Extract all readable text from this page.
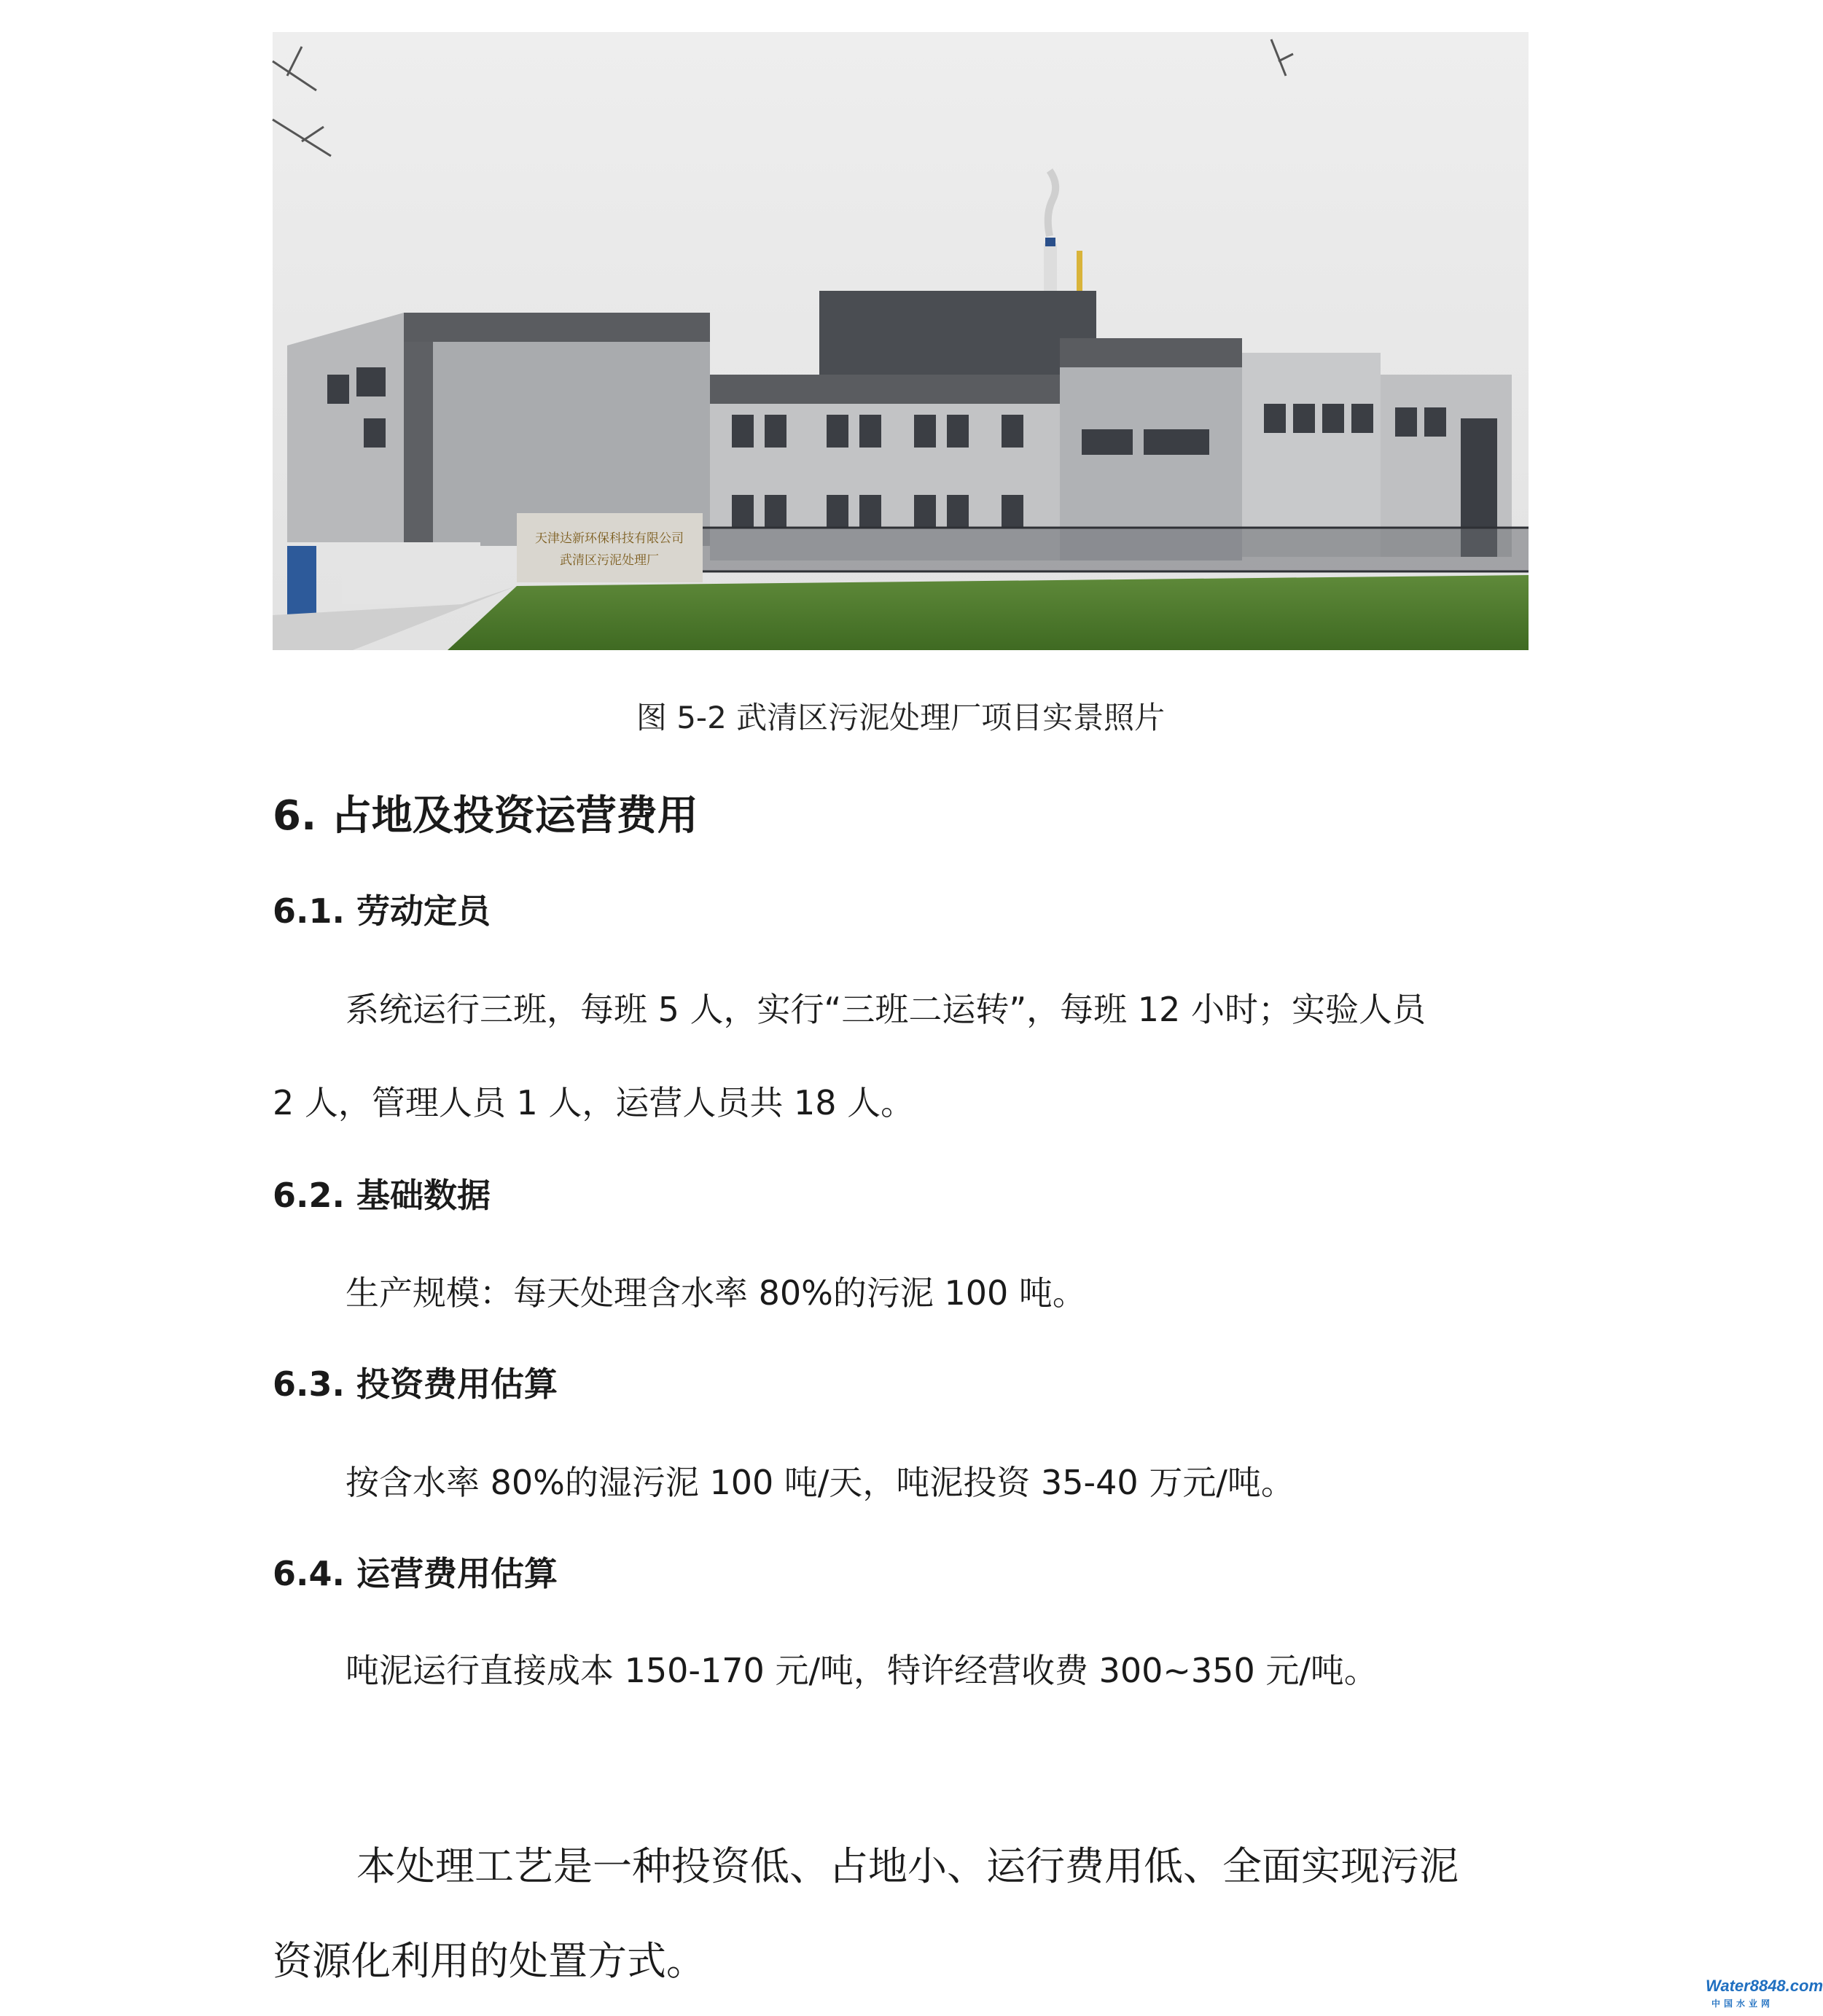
天津达新环保科技有限公司
武清区污泥处理厂
图 5-2 武清区污泥处理厂项目实景照片
6. 占地及投资运营费用
6.1. 劳动定员
系统运行三班，每班 5 人，实行“三班二运转”，每班 12 小时；实验人员
2 人，管理人员 1 人，运营人员共 18 人。
6.2. 基础数据
生产规模：每天处理含水率 80%的污泥 100 吨。
6.3. 投资费用估算
按含水率 80%的湿污泥 100 吨/天，吨泥投资 35-40 万元/吨。
6.4. 运营费用估算
吨泥运行直接成本 150-170 元/吨，特许经营收费 300~350 元/吨。
本处理工艺是一种投资低、占地小、运行费用低、全面实现污泥
资源化利用的处置方式。
Water8848.com
中国水业网
